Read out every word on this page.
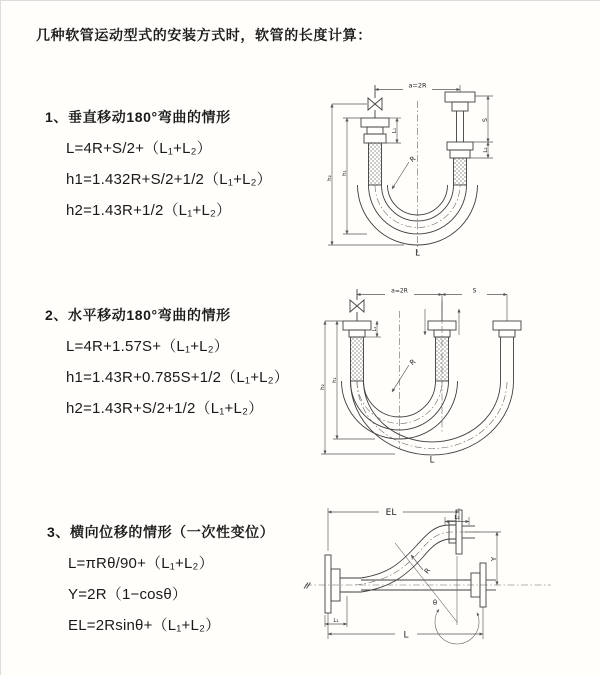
几种软管运动型式的安装方式时，软管的长度计算：

1、垂直移动180°弯曲的情形

L=4R+S/2+（L₁+L₂）

h1=1.432R+S/2+1/2（L₁+L₂）

h2=1.43R+1/2（L₁+L₂）

2、水平移动180°弯曲的情形

L=4R+1.57S+（L₁+L₂）

h1=1.43R+0.785S+1/2（L₁+L₂）

h2=1.43R+S/2+1/2（L₁+L₂）

3、横向位移的情形（一次性变位）

L=πRθ/90+（L₁+L₂）

Y=2R（1−cosθ）

EL=2Rsinθ+（L₁+L₂）

a=2R
S
L₂
L₁
h₁
h₂
R
L
a=2R	S
h₂
h₁
L₁
R
L
EL	L₂
Y
R
θ
L
L₁
